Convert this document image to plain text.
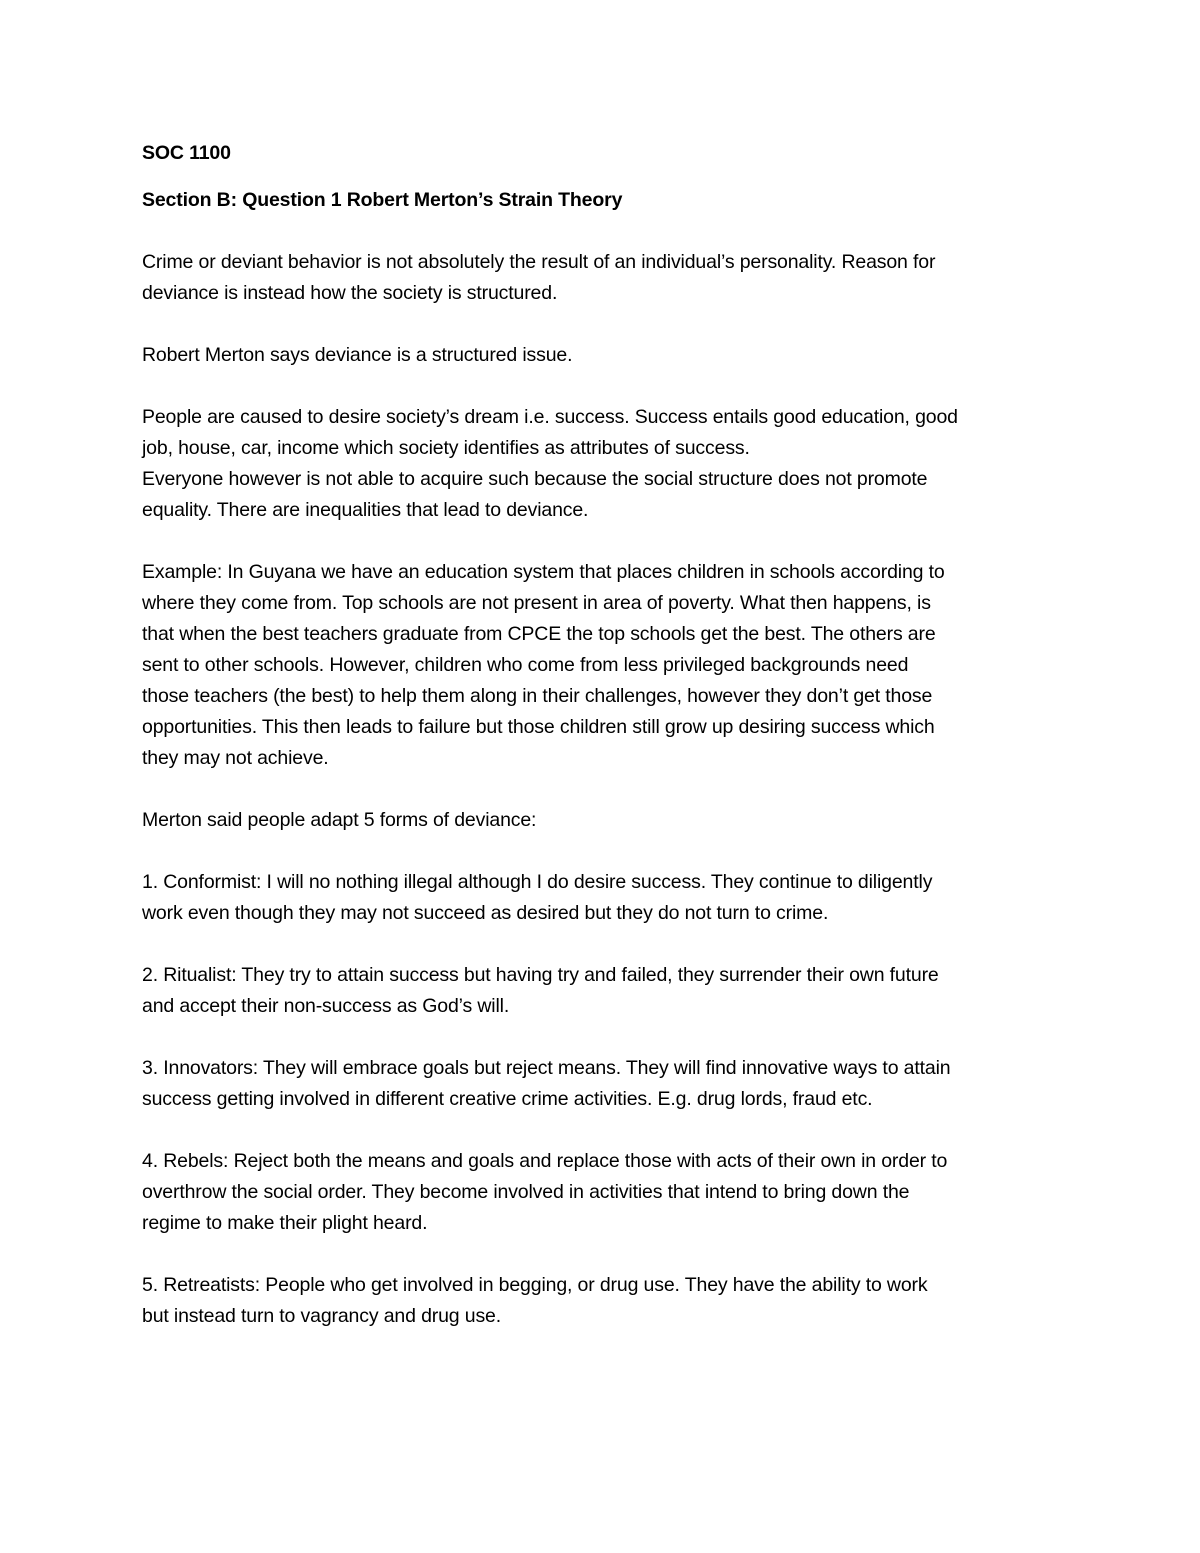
SOC 1100
Section B: Question 1 Robert Merton’s Strain Theory
Crime or deviant behavior is not absolutely the result of an individual’s personality. Reason for
deviance is instead how the society is structured.
Robert Merton says deviance is a structured issue.
People are caused to desire society’s dream i.e. success. Success entails good education, good
job, house, car, income which society identifies as attributes of success.
Everyone however is not able to acquire such because the social structure does not promote
equality. There are inequalities that lead to deviance.
Example: In Guyana we have an education system that places children in schools according to
where they come from. Top schools are not present in area of poverty. What then happens, is
that when the best teachers graduate from CPCE the top schools get the best. The others are
sent to other schools. However, children who come from less privileged backgrounds need
those teachers (the best) to help them along in their challenges, however they don’t get those
opportunities. This then leads to failure but those children still grow up desiring success which
they may not achieve.
Merton said people adapt 5 forms of deviance:
1. Conformist: I will no nothing illegal although I do desire success. They continue to diligently
work even though they may not succeed as desired but they do not turn to crime.
2. Ritualist: They try to attain success but having try and failed, they surrender their own future
and accept their non-success as God’s will.
3. Innovators: They will embrace goals but reject means. They will find innovative ways to attain
success getting involved in different creative crime activities. E.g. drug lords, fraud etc.
4. Rebels: Reject both the means and goals and replace those with acts of their own in order to
overthrow the social order. They become involved in activities that intend to bring down the
regime to make their plight heard.
5. Retreatists: People who get involved in begging, or drug use. They have the ability to work
but instead turn to vagrancy and drug use.
